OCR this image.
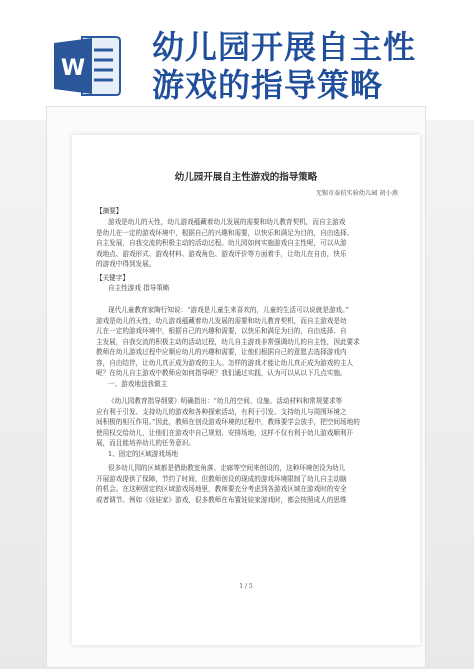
W
幼儿园开展自主性
游戏的指导策略
幼儿园开展自主性游戏的指导策略
无锡市泰伯实验幼儿园 胡小燕
【摘要】
游戏是幼儿的天性，幼儿游戏蕴藏着幼儿发展的需要和幼儿教育契机，而自主游戏
是幼儿在一定的游戏环境中，根据自己的兴趣和需要，以快乐和满足为目的，自由选择、
自主发展，自我交流的积极主动的活动过程。幼儿园如何实施游戏自主性呢，可以从游
戏地点、游戏形式、游戏材料、游戏角色、游戏评价等方面着手，让幼儿在自由，快乐
的游戏中得到发展。
【关键字】
自主性游戏 指导策略
现代儿童教育家陶行知说：“游戏是儿童生来喜欢的，儿童的生活可以说就是游戏。”
游戏是幼儿的天性，幼儿游戏蕴藏着幼儿发展的需要和幼儿教育契机，而自主游戏是幼
儿在一定的游戏环境中，根据自己的兴趣和需要，以快乐和满足为目的，自由选择、自
主发展，自我交流的积极主动的活动过程，幼儿自主游戏非常强调幼儿的自主性，因此要求
教师在幼儿游戏过程中应顺应幼儿的兴趣和需要，让他们根据自己的意愿去选择游戏内
容，自由结伴，让幼儿真正成为游戏的主人。怎样的游戏才能让幼儿真正成为游戏的主人
呢？在幼儿自主游戏中教师应如何指导呢？我们通过实践，认为可以从以下几点实施。
一、游戏地盘我做主
《幼儿园教育指导纲要》明确指出：“幼儿的空间、设施、活动材料和常规要求等
应有利于引发、支持幼儿的游戏和各种探索活动，有利于引发、支持幼儿与周围环境之
间积极的相互作用。”因此，教师在创设游戏环境的过程中，教师要学会放手，把空间场地的
使用权交给幼儿，让他们在游戏中自己规划、安排场地，这样不仅有利于幼儿游戏顺利开
展，而且能培养幼儿的任务意识。
1、固定的区域游戏场地
很多幼儿园的区域都是借助教室角落、走廊等空间来创设的，这种环境创设为幼儿
开展游戏提供了保障，节约了时间，但教师创设的现成的游戏环境限制了幼儿自主动脑
的机会。在这种固定的区域游戏场地里，教师要充分考虑到各游戏区域在游戏时的安全
或者调节。例如《娃娃家》游戏，很多教师在布置娃娃家游戏时，都会按照成人的思维
1 / 5
